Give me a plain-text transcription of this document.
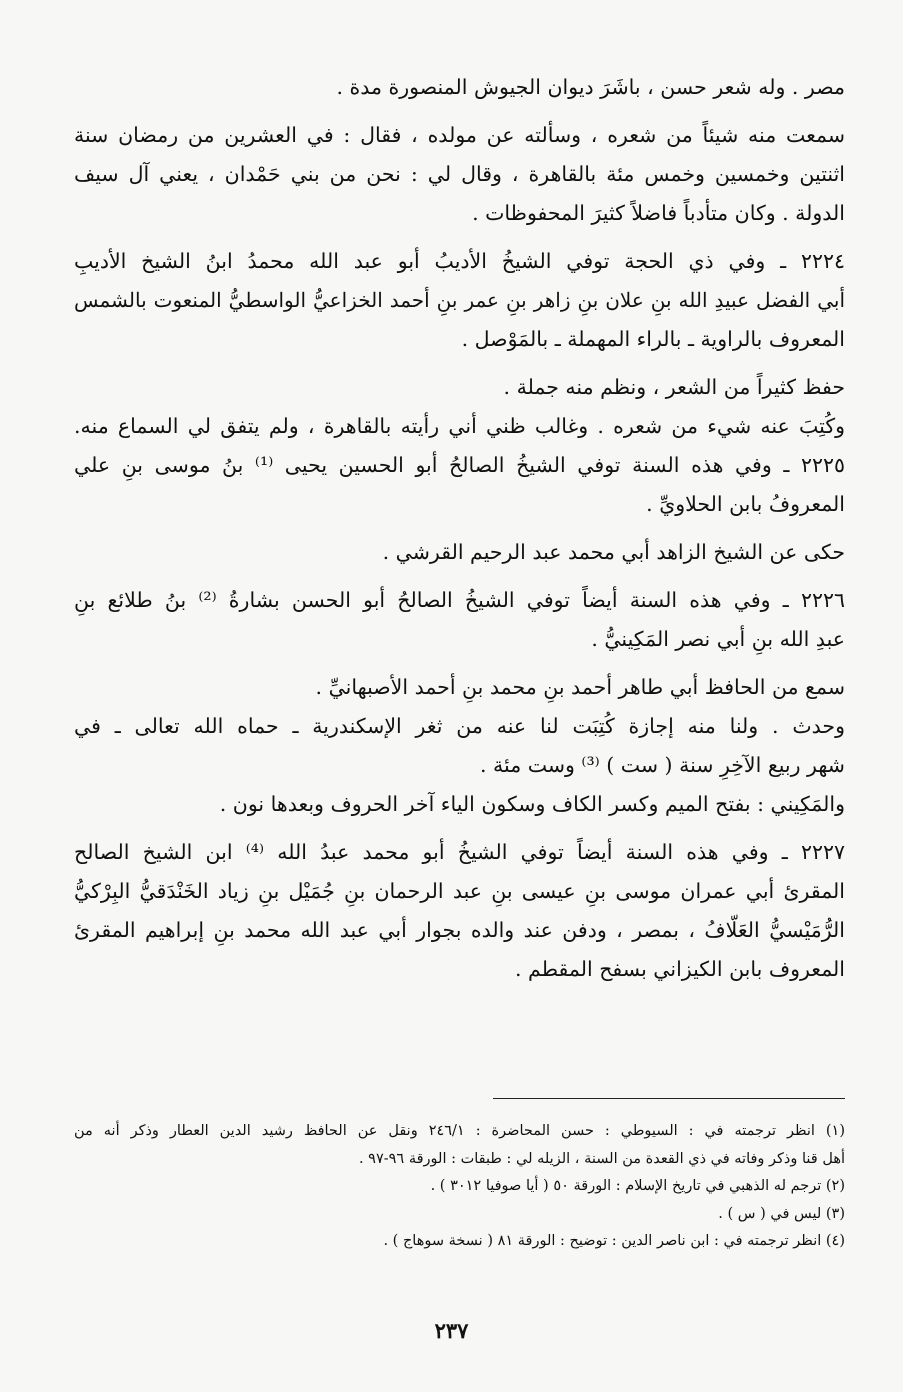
مصر . وله شعر حسن ، باشَرَ ديوان الجيوش المنصورة مدة .
سمعت منه شيئاً من شعره ، وسألته عن مولده ، فقال : في العشرين من رمضان سنة
اثنتين وخمسين وخمس مئة بالقاهرة ، وقال لي : نحن من بني حَمْدان ، يعني آل سيف
الدولة . وكان متأدباً فاضلاً كثيرَ المحفوظات .
٢٢٢٤ ـ وفي ذي الحجة توفي الشيخُ الأديبُ أبو عبد الله محمدُ ابنُ الشيخ الأديبِ
أبي الفضل عبيدِ الله بنِ علان بنِ زاهر بنِ عمر بنِ أحمد الخزاعيُّ الواسطيُّ المنعوت بالشمس
المعروف بالراوية ـ بالراء المهملة ـ بالمَوْصل .
حفظ كثيراً من الشعر ، ونظم منه جملة .
وكُتِبَ عنه شيء من شعره . وغالب ظني أني رأيته بالقاهرة ، ولم يتفق لي السماع منه.
٢٢٢٥ ـ وفي هذه السنة توفي الشيخُ الصالحُ أبو الحسين يحيى ⁽¹⁾ بنُ موسى بنِ علي
المعروفُ بابن الحلاويِّ .
حكى عن الشيخ الزاهد أبي محمد عبد الرحيم القرشي .
٢٢٢٦ ـ وفي هذه السنة أيضاً توفي الشيخُ الصالحُ أبو الحسن بشارةُ ⁽²⁾ بنُ طلائع بنِ
عبدِ الله بنِ أبي نصر المَكِينيُّ .
سمع من الحافظ أبي طاهر أحمد بنِ محمد بنِ أحمد الأصبهانيِّ .
وحدث . ولنا منه إجازة كُتِبَت لنا عنه من ثغر الإسكندرية ـ حماه الله تعالى ـ في
شهر ربيع الآخِرِ سنة ( ست ) ⁽³⁾ وست مئة .
والمَكِيني : بفتح الميم وكسر الكاف وسكون الياء آخر الحروف وبعدها نون .
٢٢٢٧ ـ وفي هذه السنة أيضاً توفي الشيخُ أبو محمد عبدُ الله ⁽⁴⁾ ابن الشيخ الصالح
المقرئ أبي عمران موسى بنِ عيسى بنِ عبد الرحمان بنِ جُمَيْل بنِ زياد الخَنْدَقيُّ البِرْكيُّ
الرُّمَيْسيُّ العَلّافُ ، بمصر ، ودفن عند والده بجوار أبي عبد الله محمد بنِ إبراهيم المقرئ
المعروف بابن الكيزاني بسفح المقطم .
(١) انظر ترجمته في : السيوطي : حسن المحاضرة : ٢٤٦/١ ونقل عن الحافظ رشيد الدين العطار وذكر أنه من
أهل قنا وذكر وفاته في ذي القعدة من السنة ، الزيله لي : طبقات : الورقة ٩٦-٩٧ .
(٢) ترجم له الذهبي في تاريخ الإسلام : الورقة ٥٠ ( أيا صوفيا ٣٠١٢ ) .
(٣) ليس في ( س ) .
(٤) انظر ترجمته في : ابن ناصر الدين : توضيح : الورقة ٨١ ( نسخة سوهاج ) .
٢٣٧
